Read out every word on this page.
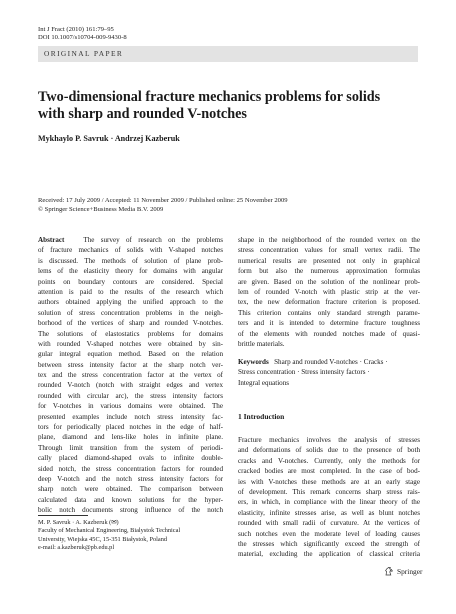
Int J Fract (2010) 161:79–95
DOI 10.1007/s10704-009-9430-8
ORIGINAL PAPER
Two-dimensional fracture mechanics problems for solids
with sharp and rounded V-notches
Mykhaylo P. Savruk · Andrzej Kazberuk
Received: 17 July 2009 / Accepted: 11 November 2009 / Published online: 25 November 2009
© Springer Science+Business Media B.V. 2009
Abstract	The survey of research on the problems
of fracture mechanics of solids with V-shaped notches
is discussed. The methods of solution of plane prob-
lems of the elasticity theory for domains with angular
points on boundary contours are considered. Special
attention is paid to the results of the research which
authors obtained applying the unified approach to the
solution of stress concentration problems in the neigh-
borhood of the vertices of sharp and rounded V-notches.
The solutions of elastostatics problems for domains
with rounded V-shaped notches were obtained by sin-
gular integral equation method. Based on the relation
between stress intensity factor at the sharp notch ver-
tex and the stress concentration factor at the vertex of
rounded V-notch (notch with straight edges and vertex
rounded with circular arc), the stress intensity factors
for V-notches in various domains were obtained. The
presented examples include notch stress intensity fac-
tors for periodically placed notches in the edge of half-
plane, diamond and lens-like holes in infinite plane.
Through limit transition from the system of periodi-
cally placed diamond-shaped ovals to infinite double-
sided notch, the stress concentration factors for rounded
deep V-notch and the notch stress intensity factors for
sharp notch were obtained. The comparison between
calculated data and known solutions for the hyper-
bolic notch documents strong influence of the notch
shape in the neighborhood of the rounded vertex on the
stress concentration values for small vertex radii. The
numerical results are presented not only in graphical
form but also the numerous approximation formulas
are given. Based on the solution of the nonlinear prob-
lem of rounded V-notch with plastic strip at the ver-
tex, the new deformation fracture criterion is proposed.
This criterion contains only standard strength parame-
ters and it is intended to determine fracture toughness
of the elements with rounded notches made of quasi-
brittle materials.
Keywords Sharp and rounded V-notches · Cracks ·
Stress concentration · Stress intensity factors ·
Integral equations
1 Introduction
Fracture mechanics involves the analysis of stresses
and deformations of solids due to the presence of both
cracks and V-notches. Currently, only the methods for
cracked bodies are most completed. In the case of bod-
ies with V-notches these methods are at an early stage
of development. This remark concerns sharp stress rais-
ers, in which, in compliance with the linear theory of the
elasticity, infinite stresses arise, as well as blunt notches
rounded with small radii of curvature. At the vertices of
such notches even the moderate level of loading causes
the stresses which significantly exceed the strength of
material, excluding the application of classical criteria
M. P. Savruk · A. Kazberuk (✉)
Faculty of Mechanical Engineering, Bialystok Technical
University, Wiejska 45C, 15-351 Białystok, Poland
e-mail: a.kazberuk@pb.edu.pl
Springer
